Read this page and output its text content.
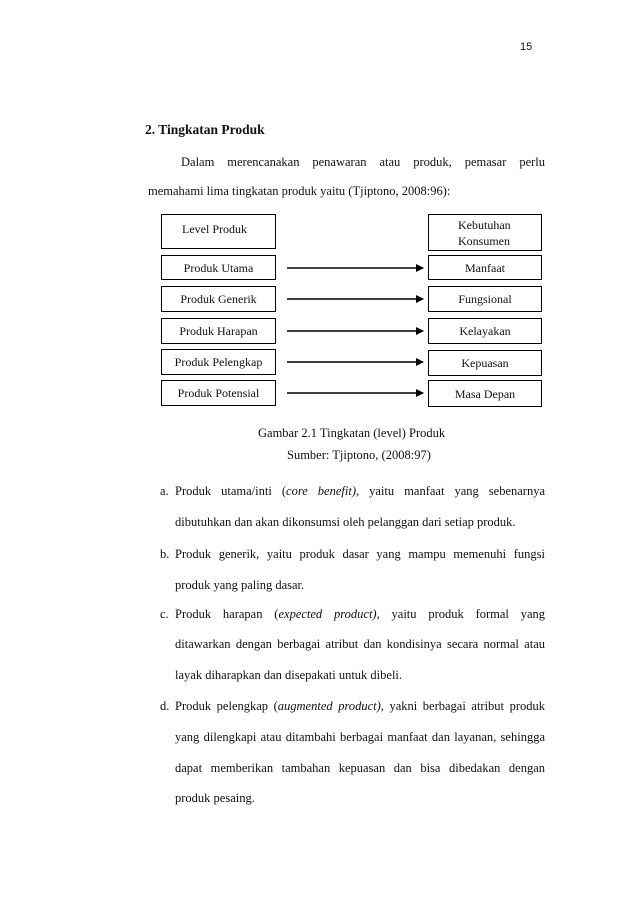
15
2. Tingkatan Produk
Dalam merencanakan penawaran atau produk, pemasar perlu
memahami lima tingkatan produk yaitu (Tjiptono, 2008:96):
Level Produk	Kebutuhan Konsumen
Produk Utama	Manfaat
Produk Generik	Fungsional
Produk Harapan	Kelayakan
Produk Pelengkap	Kepuasan
Produk Potensial	Masa Depan
Gambar 2.1 Tingkatan (level) Produk
Sumber: Tjiptono, (2008:97)
a. Produk utama/inti (core benefit), yaitu manfaat yang sebenarnya
dibutuhkan dan akan dikonsumsi oleh pelanggan dari setiap produk.
b. Produk generik, yaitu produk dasar yang mampu memenuhi fungsi
produk yang paling dasar.
c. Produk harapan (expected product), yaitu produk formal yang
ditawarkan dengan berbagai atribut dan kondisinya secara normal atau
layak diharapkan dan disepakati untuk dibeli.
d. Produk pelengkap (augmented product), yakni berbagai atribut produk
yang dilengkapi atau ditambahi berbagai manfaat dan layanan, sehingga
dapat memberikan tambahan kepuasan dan bisa dibedakan dengan
produk pesaing.
